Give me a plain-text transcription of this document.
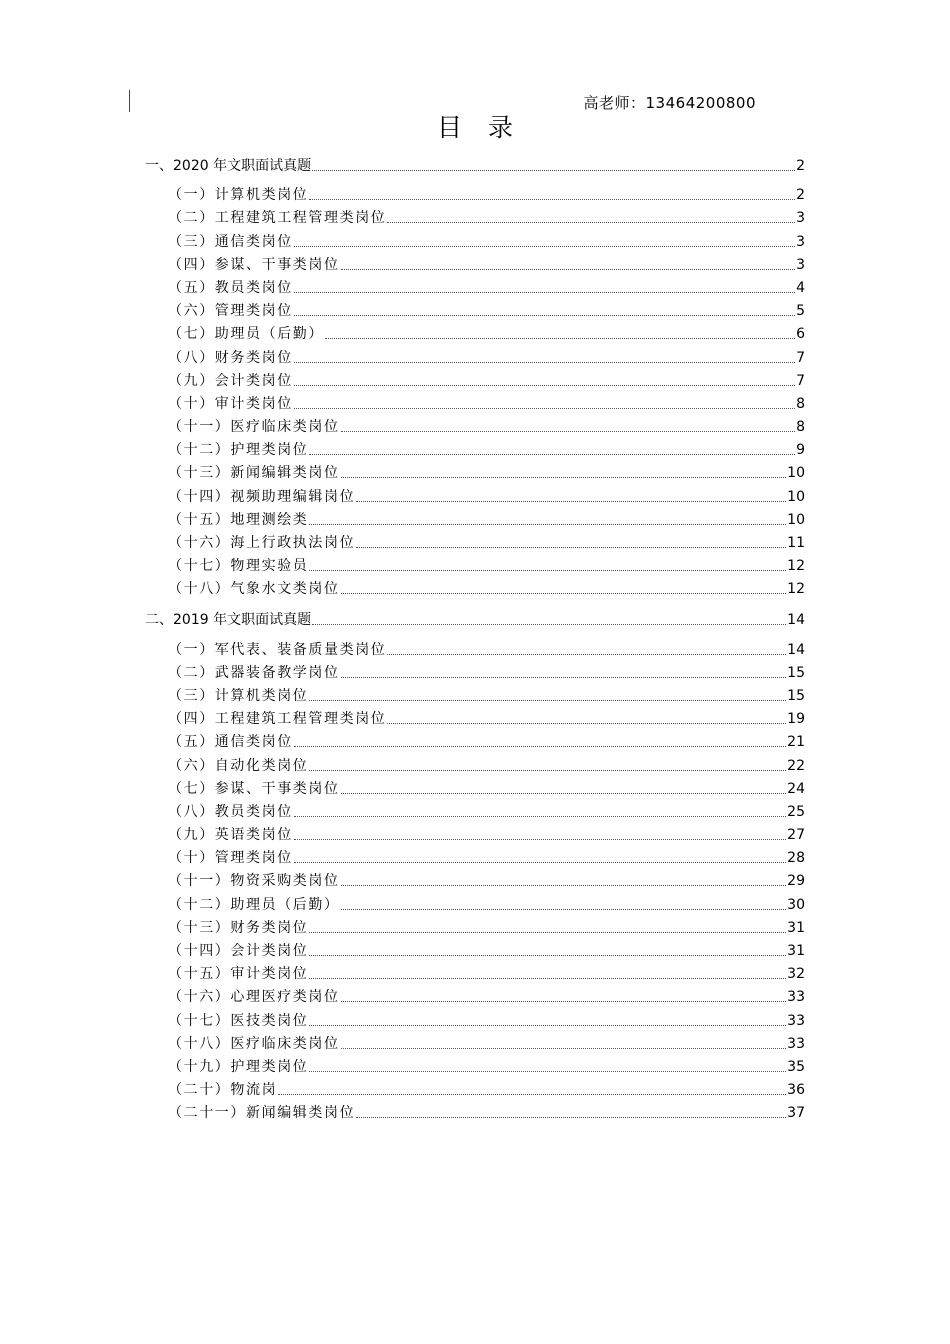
高老师：13464200800
目录
一、2020 年文职面试真题	2
（一）计算机类岗位	2
（二）工程建筑工程管理类岗位	3
（三）通信类岗位	3
（四）参谋、干事类岗位	3
（五）教员类岗位	4
（六）管理类岗位	5
（七）助理员（后勤）	6
（八）财务类岗位	7
（九）会计类岗位	7
（十）审计类岗位	8
（十一）医疗临床类岗位	8
（十二）护理类岗位	9
（十三）新闻编辑类岗位	10
（十四）视频助理编辑岗位	10
（十五）地理测绘类	10
（十六）海上行政执法岗位	11
（十七）物理实验员	12
（十八）气象水文类岗位	12
二、2019 年文职面试真题	14
（一）军代表、装备质量类岗位	14
（二）武器装备教学岗位	15
（三）计算机类岗位	15
（四）工程建筑工程管理类岗位	19
（五）通信类岗位	21
（六）自动化类岗位	22
（七）参谋、干事类岗位	24
（八）教员类岗位	25
（九）英语类岗位	27
（十）管理类岗位	28
（十一）物资采购类岗位	29
（十二）助理员（后勤）	30
（十三）财务类岗位	31
（十四）会计类岗位	31
（十五）审计类岗位	32
（十六）心理医疗类岗位	33
（十七）医技类岗位	33
（十八）医疗临床类岗位	33
（十九）护理类岗位	35
（二十）物流岗	36
（二十一）新闻编辑类岗位	37
